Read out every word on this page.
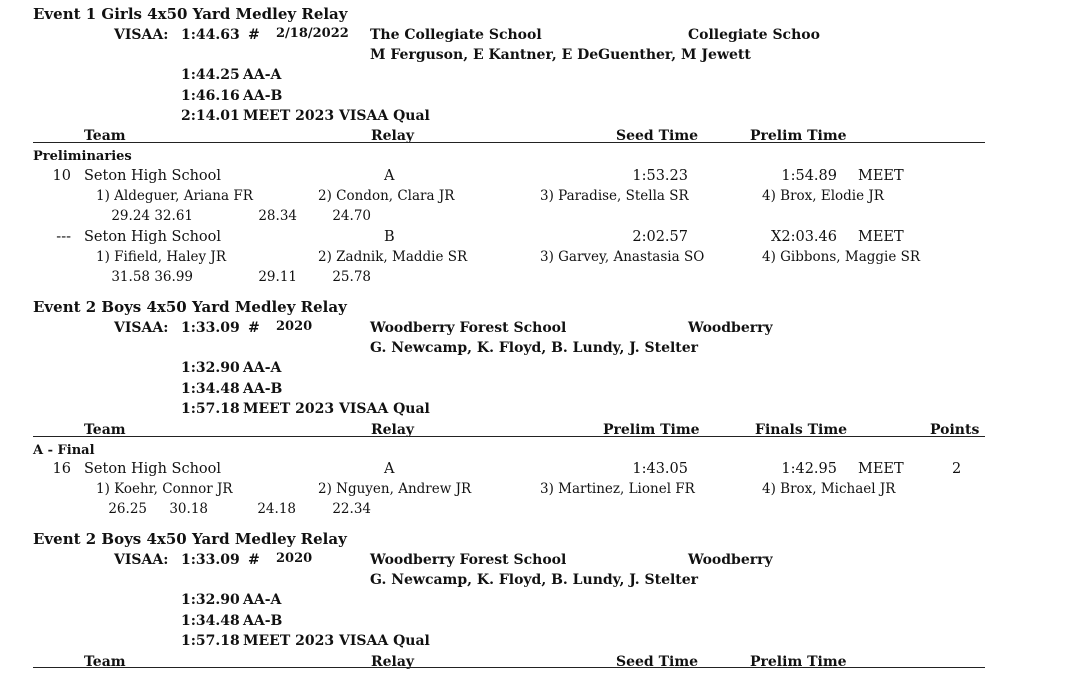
Event 1 Girls 4x50 Yard Medley Relay
VISAA: 1:44.63 # 2/18/2022 The Collegiate School	Collegiate Schoo
M Ferguson, E Kantner, E DeGuenther, M Jewett
1:44.25 AA-A
1:46.16 AA-B
2:14.01 MEET 2023 VISAA Qual
Team	Relay	Seed Time	Prelim Time
Preliminaries
10 Seton High School	A	1:53.23	1:54.89 MEET
1) Aldeguer, Ariana FR	2) Condon, Clara JR	3) Paradise, Stella SR	4) Brox, Elodie JR
29.24 32.61	28.34	24.70
--- Seton High School	B	2:02.57	X2:03.46 MEET
1) Fifield, Haley JR	2) Zadnik, Maddie SR	3) Garvey, Anastasia SO	4) Gibbons, Maggie SR
31.58 36.99	29.11	25.78
Event 2 Boys 4x50 Yard Medley Relay
VISAA: 1:33.09 # 2020	Woodberry Forest School	Woodberry
G. Newcamp, K. Floyd, B. Lundy, J. Stelter
1:32.90 AA-A
1:34.48 AA-B
1:57.18 MEET 2023 VISAA Qual
Team	Relay	Prelim Time	Finals Time	Points
A - Final
16 Seton High School	A	1:43.05	1:42.95 MEET	2
1) Koehr, Connor JR	2) Nguyen, Andrew JR	3) Martinez, Lionel FR	4) Brox, Michael JR
26.25	30.18	24.18	22.34
Event 2 Boys 4x50 Yard Medley Relay
VISAA: 1:33.09 # 2020	Woodberry Forest School	Woodberry
G. Newcamp, K. Floyd, B. Lundy, J. Stelter
1:32.90 AA-A
1:34.48 AA-B
1:57.18 MEET 2023 VISAA Qual
Team	Relay	Seed Time	Prelim Time
